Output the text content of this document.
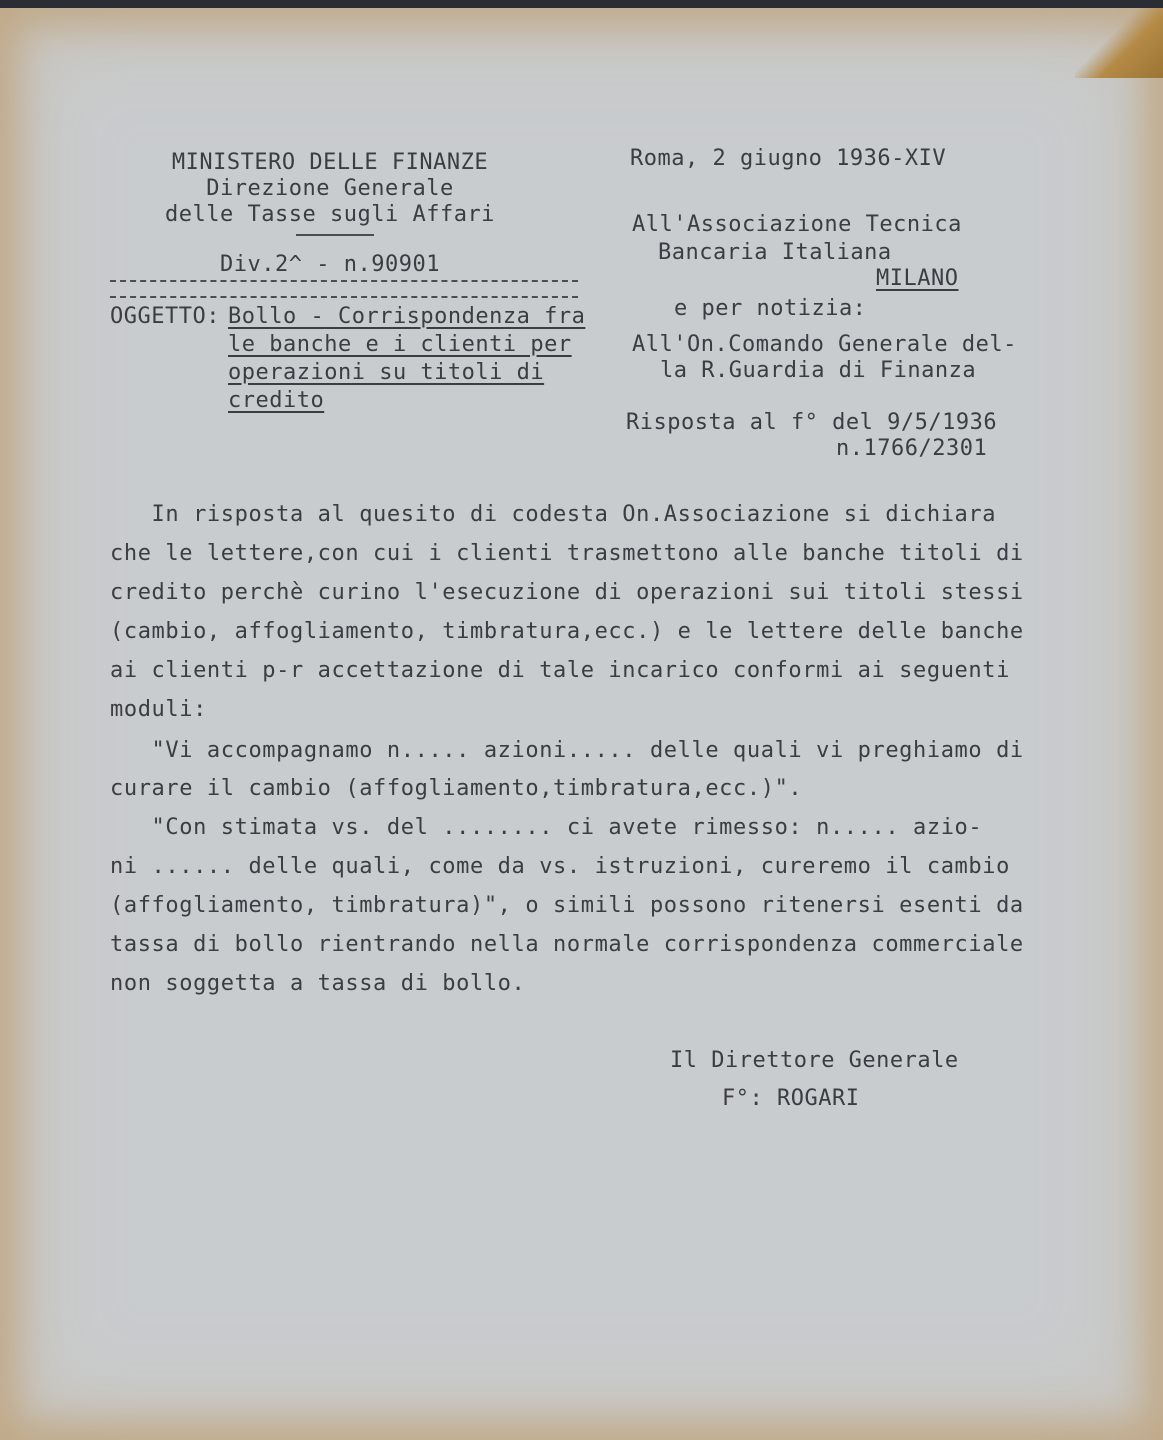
MINISTERO DELLE FINANZE
Direzione Generale
delle Tasse sugli Affari
Div.2^ - n.90901
OGGETTO: Bollo - Corrispondenza fra
le banche e i clienti per
operazioni su titoli di
credito
Roma, 2 giugno 1936-XIV
All'Associazione Tecnica
Bancaria Italiana
MILANO
e per notizia:
All'On.Comando Generale del-
la R.Guardia di Finanza
Risposta al f° del 9/5/1936
n.1766/2301
In risposta al quesito di codesta On.Associazione si dichiara
che le lettere,con cui i clienti trasmettono alle banche titoli di
credito perchè curino l'esecuzione di operazioni sui titoli stessi
(cambio, affogliamento, timbratura,ecc.) e le lettere delle banche
ai clienti p-r accettazione di tale incarico conformi ai seguenti
moduli:
"Vi accompagnamo n..... azioni..... delle quali vi preghiamo di
curare il cambio (affogliamento,timbratura,ecc.)".
"Con stimata vs. del ........ ci avete rimesso: n..... azio-
ni ...... delle quali, come da vs. istruzioni, cureremo il cambio
(affogliamento, timbratura)", o simili possono ritenersi esenti da
tassa di bollo rientrando nella normale corrispondenza commerciale
non soggetta a tassa di bollo.
Il Direttore Generale
F°: ROGARI
